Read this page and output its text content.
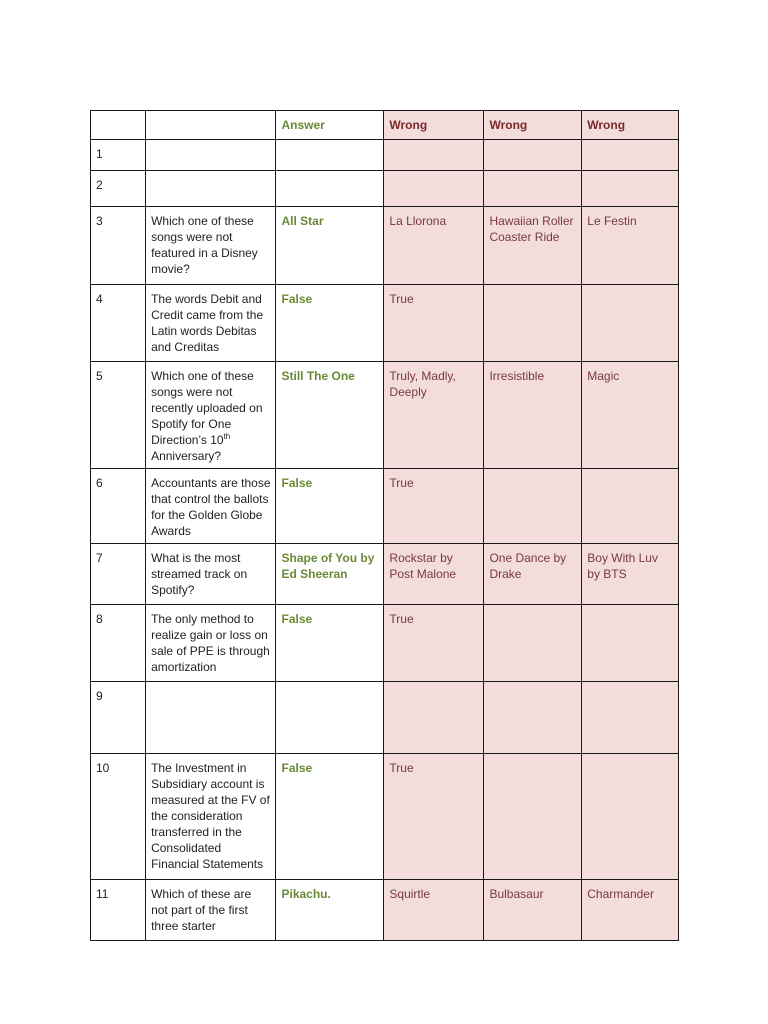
		Answer	Wrong	Wrong	Wrong
1					
2					
3	Which one of these songs were not featured in a Disney movie?	All Star	La Llorona	Hawaiian Roller Coaster Ride	Le Festin
4	The words Debit and Credit came from the Latin words Debitas and Creditas	False	True		
5	Which one of these songs were not recently uploaded on Spotify for One Direction’s 10th Anniversary?	Still The One	Truly, Madly, Deeply	Irresistible	Magic
6	Accountants are those that control the ballots for the Golden Globe Awards	False	True		
7	What is the most streamed track on Spotify?	Shape of You by Ed Sheeran	Rockstar by Post Malone	One Dance by Drake	Boy With Luv by BTS
8	The only method to realize gain or loss on sale of PPE is through amortization	False	True		
9					
10	The Investment in Subsidiary account is measured at the FV of the consideration transferred in the Consolidated Financial Statements	False	True		
11	Which of these are not part of the first three starter	Pikachu.	Squirtle	Bulbasaur	Charmander
